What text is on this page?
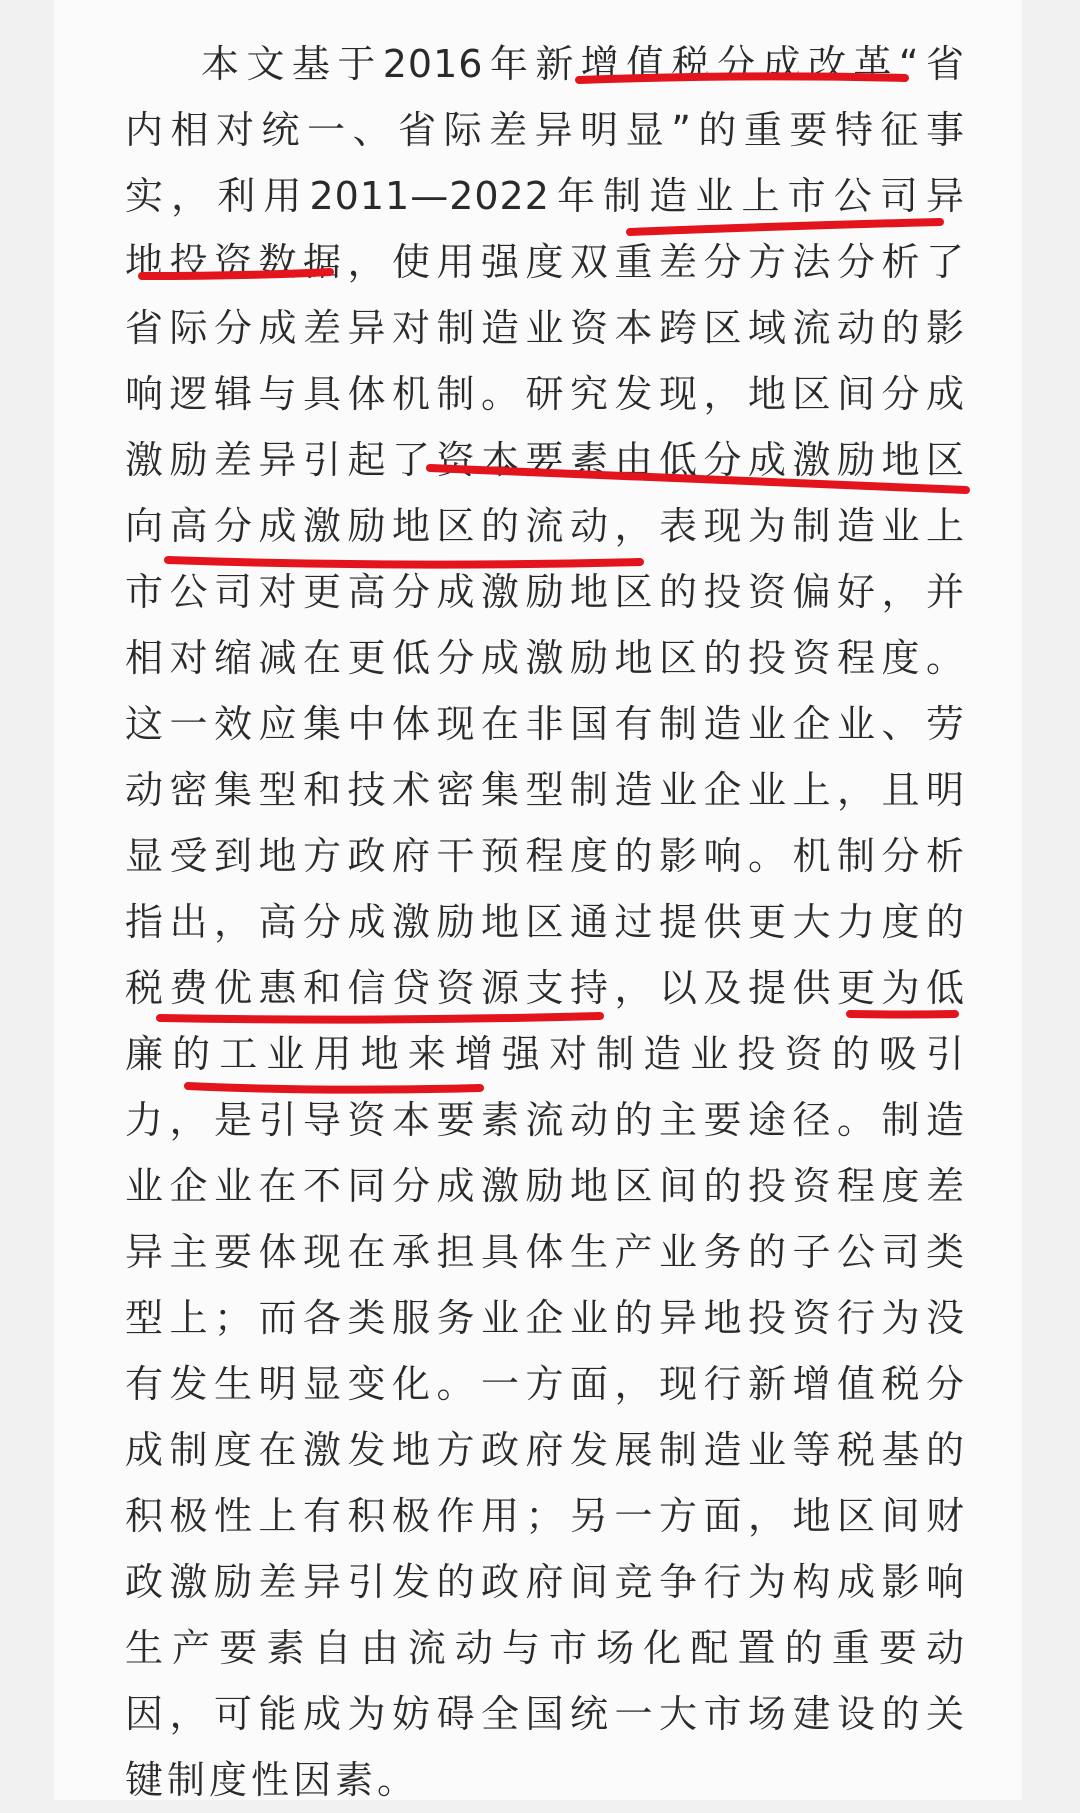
本文基于2016年新增值税分成改革“省
内相对统一、省际差异明显”的重要特征事
实，利用2011—2022年制造业上市公司异
地投资数据，使用强度双重差分方法分析了
省际分成差异对制造业资本跨区域流动的影
响逻辑与具体机制。研究发现，地区间分成
激励差异引起了资本要素由低分成激励地区
向高分成激励地区的流动，表现为制造业上
市公司对更高分成激励地区的投资偏好，并
相对缩减在更低分成激励地区的投资程度。
这一效应集中体现在非国有制造业企业、劳
动密集型和技术密集型制造业企业上，且明
显受到地方政府干预程度的影响。机制分析
指出，高分成激励地区通过提供更大力度的
税费优惠和信贷资源支持，以及提供更为低
廉的工业用地来增强对制造业投资的吸引
力，是引导资本要素流动的主要途径。制造
业企业在不同分成激励地区间的投资程度差
异主要体现在承担具体生产业务的子公司类
型上；而各类服务业企业的异地投资行为没
有发生明显变化。一方面，现行新增值税分
成制度在激发地方政府发展制造业等税基的
积极性上有积极作用；另一方面，地区间财
政激励差异引发的政府间竞争行为构成影响
生产要素自由流动与市场化配置的重要动
因，可能成为妨碍全国统一大市场建设的关
键制度性因素。
